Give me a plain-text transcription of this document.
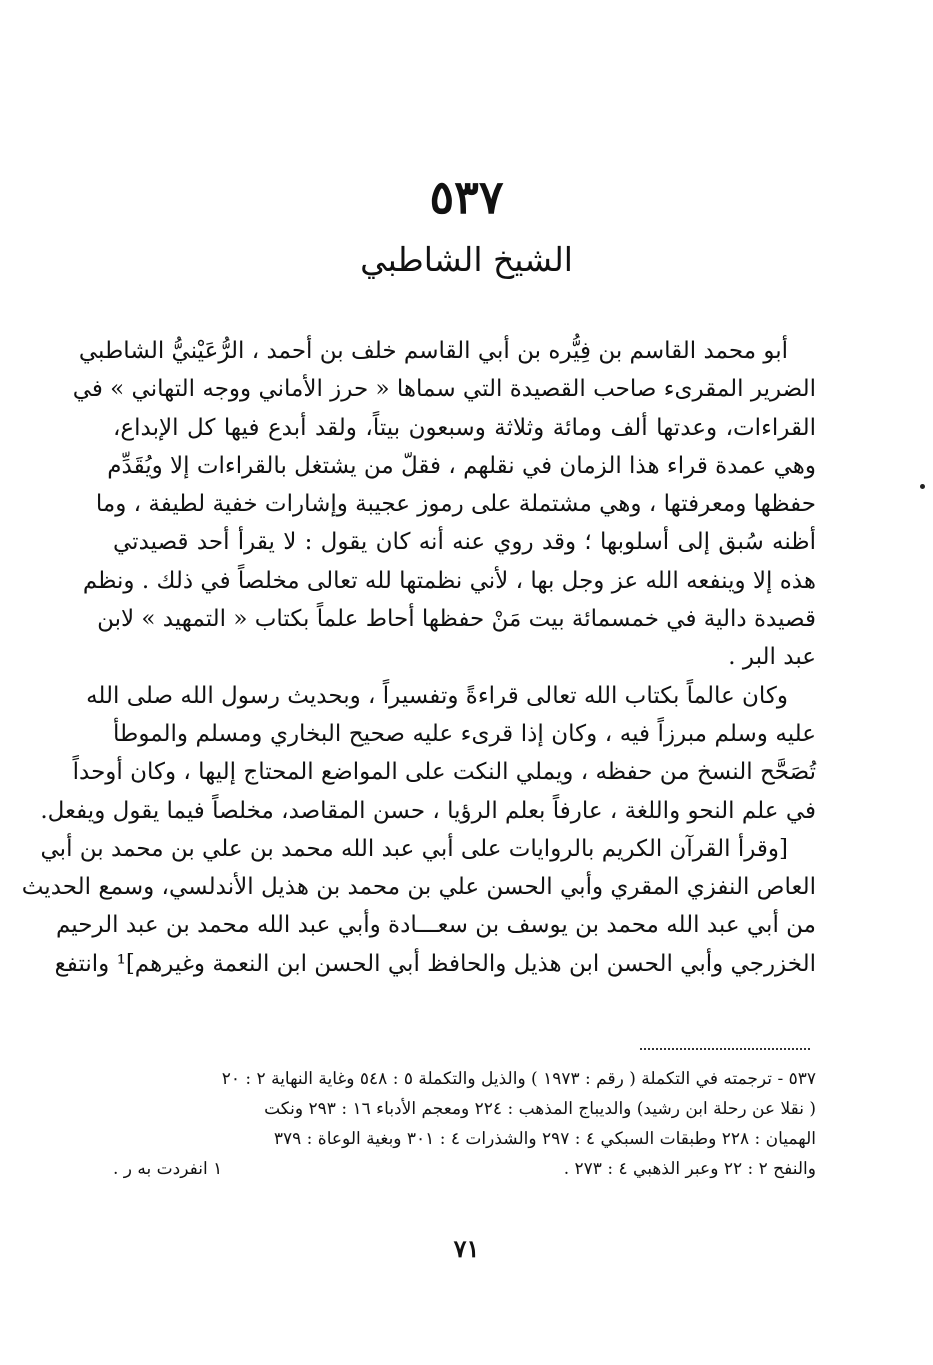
٥٣٧
الشيخ الشاطبي
أبو محمد القاسم بن فِيُّره بن أبي القاسم خلف بن أحمد ، الرُّعَيْنيُّ الشاطبي
الضرير المقرىء صاحب القصيدة التي سماها « حرز الأماني ووجه التهاني » في
القراءات، وعدتها ألف ومائة وثلاثة وسبعون بيتاً، ولقد أبدع فيها كل الإبداع،
وهي عمدة قراء هذا الزمان في نقلهم ، فقلّ من يشتغل بالقراءات إلا ويُقَدِّم
حفظها ومعرفتها ، وهي مشتملة على رموز عجيبة وإشارات خفية لطيفة ، وما
أظنه سُبق إلى أسلوبها ؛ وقد روي عنه أنه كان يقول : لا يقرأ أحد قصيدتي
هذه إلا وينفعه الله عز وجل بها ، لأني نظمتها لله تعالى مخلصاً في ذلك . ونظم
قصيدة دالية في خمسمائة بيت مَنْ حفظها أحاط علماً بكتاب « التمهيد » لابن
عبد البر .
وكان عالماً بكتاب الله تعالى قراءةً وتفسيراً ، وبحديث رسول الله صلى الله
عليه وسلم مبرزاً فيه ، وكان إذا قرىء عليه صحيح البخاري ومسلم والموطأ
تُصَحَّح النسخ من حفظه ، ويملي النكت على المواضع المحتاج إليها ، وكان أوحداً
في علم النحو واللغة ، عارفاً بعلم الرؤيا ، حسن المقاصد، مخلصاً فيما يقول ويفعل.
[وقرأ القرآن الكريم بالروايات على أبي عبد الله محمد بن علي بن محمد بن أبي
العاص النفزي المقري وأبي الحسن علي بن محمد بن هذيل الأندلسي، وسمع الحديث
من أبي عبد الله محمد بن يوسف بن سعـــادة وأبي عبد الله محمد بن عبد الرحيم
الخزرجي وأبي الحسن ابن هذيل والحافظ أبي الحسن ابن النعمة وغيرهم]¹ وانتفع
٥٣٧ - ترجمته في التكملة ( رقم : ١٩٧٣ ) والذيل والتكملة ٥ : ٥٤٨ وغاية النهاية ٢ : ٢٠
( نقلا عن رحلة ابن رشيد) والديباج المذهب : ٢٢٤ ومعجم الأدباء ١٦ : ٢٩٣ ونكت
الهميان : ٢٢٨ وطبقات السبكي ٤ : ٢٩٧ والشذرات ٤ : ٣٠١ وبغية الوعاة : ٣٧٩
والنفح ٢ : ٢٢ وعبر الذهبي ٤ : ٢٧٣ .
١ انفردت به ر .
٧١
